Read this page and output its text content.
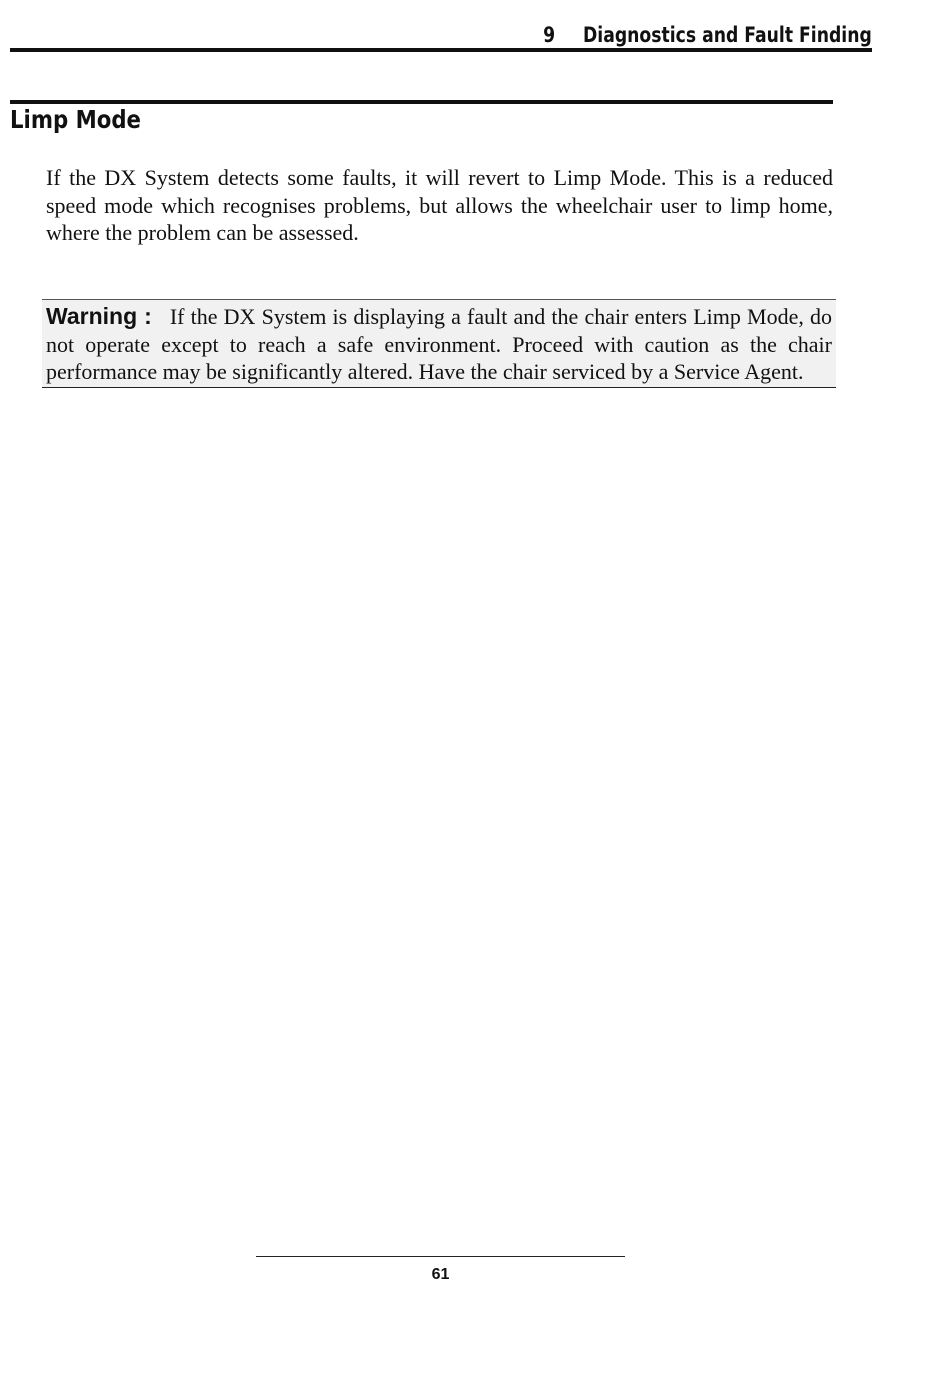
9 Diagnostics and Fault Finding
Limp Mode

If the DX System detects some faults, it will revert to Limp Mode. This is a reduced speed mode which recognises problems, but allows the wheelchair user to limp home, where the problem can be assessed.

Warning : If the DX System is displaying a fault and the chair enters Limp Mode, do not operate except to reach a safe environment. Proceed with caution as the chair performance may be significantly altered. Have the chair serviced by a Service Agent.
61
